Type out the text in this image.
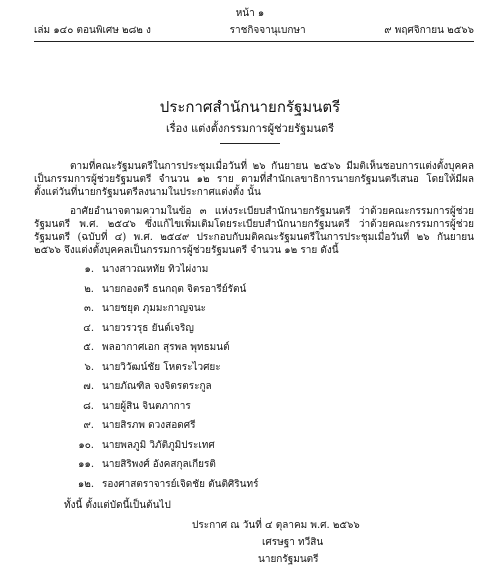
หน้า ๑
เล่ม ๑๔๐ ตอนพิเศษ ๒๘๒ ง	ราชกิจจานุเบกษา	๙ พฤศจิกายน ๒๕๖๖
ประกาศสำนักนายกรัฐมนตรี
เรื่อง แต่งตั้งกรรมการผู้ช่วยรัฐมนตรี

ตามที่คณะรัฐมนตรีในการประชุมเมื่อวันที่ ๒๖ กันยายน ๒๕๖๖ มีมติเห็นชอบการแต่งตั้งบุคคลเป็นกรรมการผู้ช่วยรัฐมนตรี จำนวน ๑๒ ราย ตามที่สำนักเลขาธิการนายกรัฐมนตรีเสนอ โดยให้มีผลตั้งแต่วันที่นายกรัฐมนตรีลงนามในประกาศแต่งตั้ง นั้น

อาศัยอำนาจตามความในข้อ ๓ แห่งระเบียบสำนักนายกรัฐมนตรี ว่าด้วยคณะกรรมการผู้ช่วยรัฐมนตรี พ.ศ. ๒๕๔๖ ซึ่งแก้ไขเพิ่มเติมโดยระเบียบสำนักนายกรัฐมนตรี ว่าด้วยคณะกรรมการผู้ช่วยรัฐมนตรี (ฉบับที่ ๔) พ.ศ. ๒๕๔๙ ประกอบกับมติคณะรัฐมนตรีในการประชุมเมื่อวันที่ ๒๖ กันยายน ๒๕๖๖ จึงแต่งตั้งบุคคลเป็นกรรมการผู้ช่วยรัฐมนตรี จำนวน ๑๒ ราย ดังนี้

๑. นางสาวณหทัย ทิวไผ่งาม
๒. นายกองตรี ธนกฤต จิตรอารีย์รัตน์
๓. นายชยุต ภุมมะกาญจนะ
๔. นายวรวรุธ ยันต์เจริญ
๕. พลอากาศเอก สุรพล พุทธมนต์
๖. นายวิวัฒน์ชัย โหตระไวศยะ
๗. นายภัณฑิล จงจิตรตระกูล
๘. นายผู้สิน จินตภาการ
๙. นายสิรภพ ดวงสอดศรี
๑๐. นายพลภูมิ วิภัติภูมิประเทศ
๑๑. นายสิริพงศ์ อังคสกุลเกียรติ
๑๒. รองศาสตราจารย์เจิดชัย ตันติศิรินทร์
ทั้งนี้ ตั้งแต่บัดนี้เป็นต้นไป
ประกาศ ณ วันที่ ๔ ตุลาคม พ.ศ. ๒๕๖๖
เศรษฐา ทวีสิน
นายกรัฐมนตรี
